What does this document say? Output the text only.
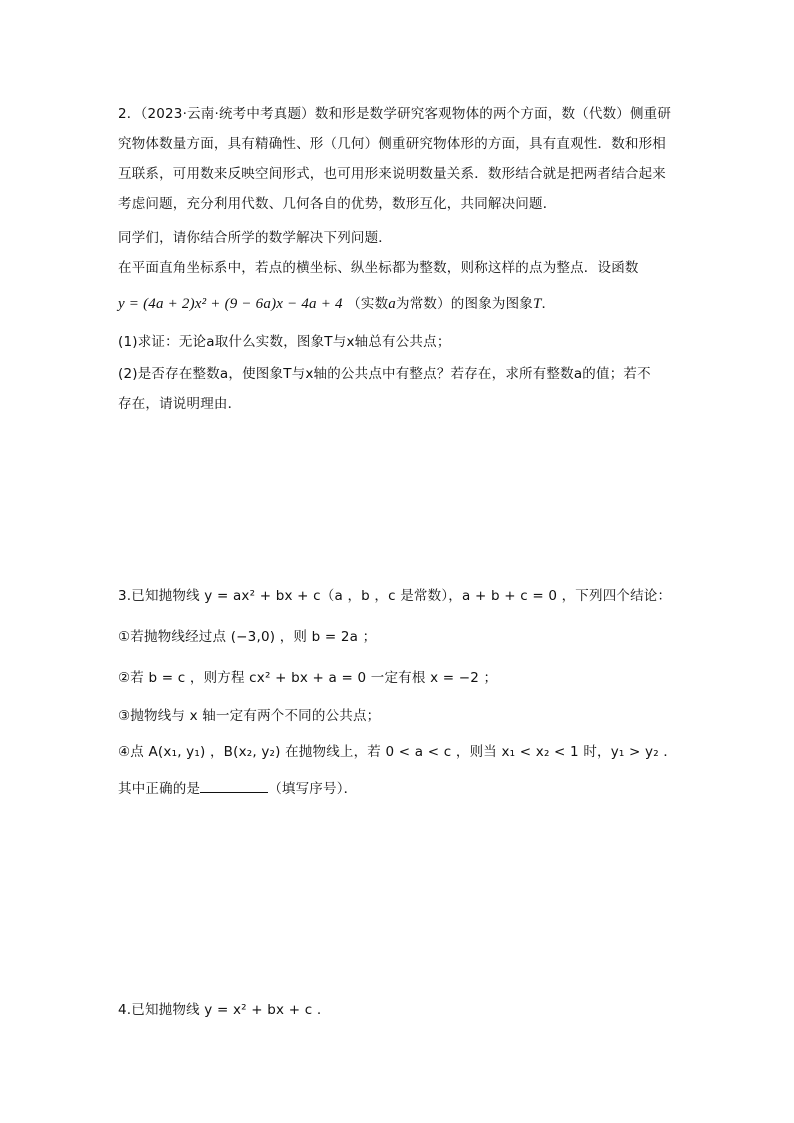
2．（2023·云南·统考中考真题）数和形是数学研究客观物体的两个方面，数（代数）侧重研
究物体数量方面，具有精确性、形（几何）侧重研究物体形的方面，具有直观性．数和形相
互联系，可用数来反映空间形式，也可用形来说明数量关系．数形结合就是把两者结合起来
考虑问题，充分利用代数、几何各自的优势，数形互化，共同解决问题．
同学们，请你结合所学的数学解决下列问题．
在平面直角坐标系中，若点的横坐标、纵坐标都为整数，则称这样的点为整点．设函数
y = (4a + 2)x² + (9 − 6a)x − 4a + 4 （实数a为常数）的图象为图象T．
(1)求证：无论a取什么实数，图象T与x轴总有公共点；
(2)是否存在整数a，使图象T与x轴的公共点中有整点？若存在，求所有整数a的值；若不
存在，请说明理由．
3.已知抛物线 y = ax² + bx + c（a ，b ，c 是常数），a + b + c = 0 ，下列四个结论：
①若抛物线经过点 (−3,0) ，则 b = 2a ；
②若 b = c ，则方程 cx² + bx + a = 0 一定有根 x = −2 ；
③抛物线与 x 轴一定有两个不同的公共点；
④点 A(x₁, y₁) ，B(x₂, y₂) 在抛物线上，若 0 < a < c ，则当 x₁ < x₂ < 1 时，y₁ > y₂ ．
其中正确的是	（填写序号）．
4.已知抛物线 y = x² + bx + c .
